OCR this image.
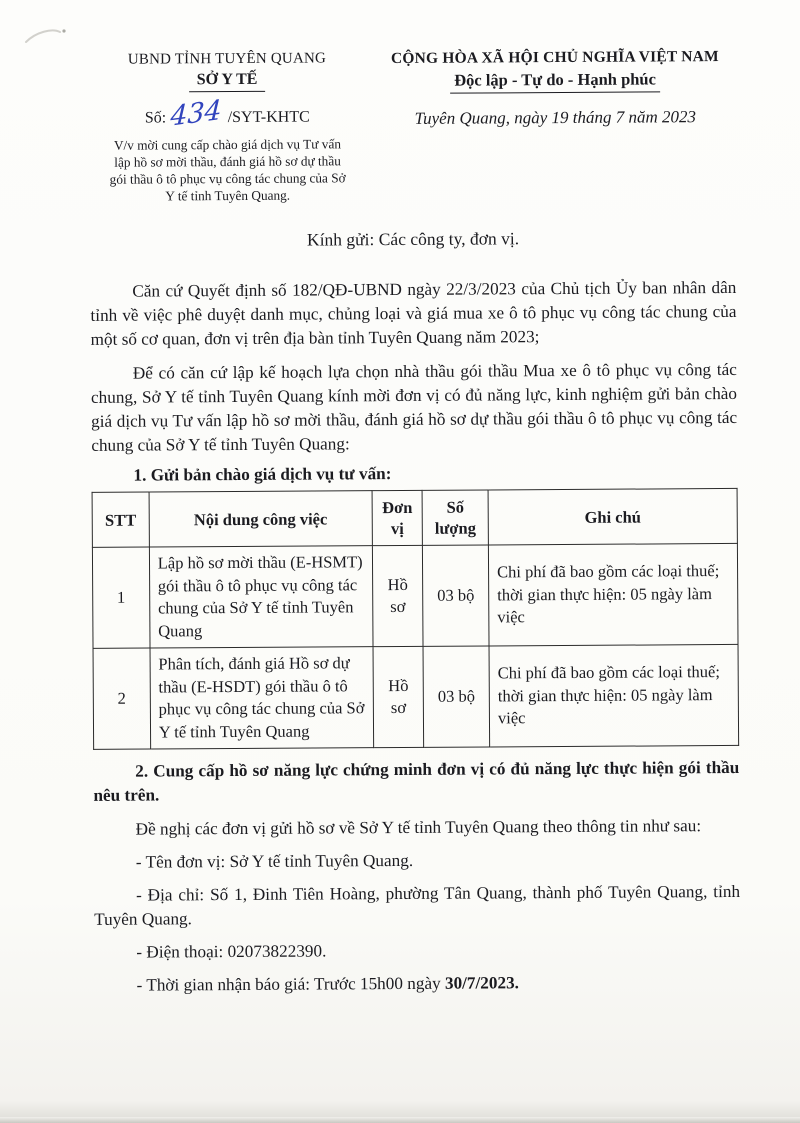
UBND TỈNH TUYÊN QUANG
SỞ Y TẾ
Số: 434 /SYT-KHTC
V/v mời cung cấp chào giá dịch vụ Tư vấn lập hồ sơ mời thầu, đánh giá hồ sơ dự thầu gói thầu ô tô phục vụ công tác chung của Sở Y tế tỉnh Tuyên Quang.
CỘNG HÒA XÃ HỘI CHỦ NGHĨA VIỆT NAM
Độc lập - Tự do - Hạnh phúc
Tuyên Quang, ngày 19 tháng 7 năm 2023
Kính gửi: Các công ty, đơn vị.

Căn cứ Quyết định số 182/QĐ-UBND ngày 22/3/2023 của Chủ tịch Ủy ban nhân dân tỉnh về việc phê duyệt danh mục, chủng loại và giá mua xe ô tô phục vụ công tác chung của một số cơ quan, đơn vị trên địa bàn tỉnh Tuyên Quang năm 2023;

Để có căn cứ lập kế hoạch lựa chọn nhà thầu gói thầu Mua xe ô tô phục vụ công tác chung, Sở Y tế tỉnh Tuyên Quang kính mời đơn vị có đủ năng lực, kinh nghiệm gửi bản chào giá dịch vụ Tư vấn lập hồ sơ mời thầu, đánh giá hồ sơ dự thầu gói thầu ô tô phục vụ công tác chung của Sở Y tế tỉnh Tuyên Quang:

1. Gửi bản chào giá dịch vụ tư vấn:
STT	Nội dung công việc	Đơn vị	Số lượng	Ghi chú
1	Lập hồ sơ mời thầu (E-HSMT) gói thầu ô tô phục vụ công tác chung của Sở Y tế tỉnh Tuyên Quang	Hồ sơ	03 bộ	Chi phí đã bao gồm các loại thuế; thời gian thực hiện: 05 ngày làm việc
2	Phân tích, đánh giá Hồ sơ dự thầu (E-HSDT) gói thầu ô tô phục vụ công tác chung của Sở Y tế tỉnh Tuyên Quang	Hồ sơ	03 bộ	Chi phí đã bao gồm các loại thuế; thời gian thực hiện: 05 ngày làm việc

2. Cung cấp hồ sơ năng lực chứng minh đơn vị có đủ năng lực thực hiện gói thầu nêu trên.

Đề nghị các đơn vị gửi hồ sơ về Sở Y tế tỉnh Tuyên Quang theo thông tin như sau:

- Tên đơn vị: Sở Y tế tỉnh Tuyên Quang.

- Địa chỉ: Số 1, Đinh Tiên Hoàng, phường Tân Quang, thành phố Tuyên Quang, tỉnh Tuyên Quang.

- Điện thoại: 02073822390.

- Thời gian nhận báo giá: Trước 15h00 ngày 30/7/2023.
